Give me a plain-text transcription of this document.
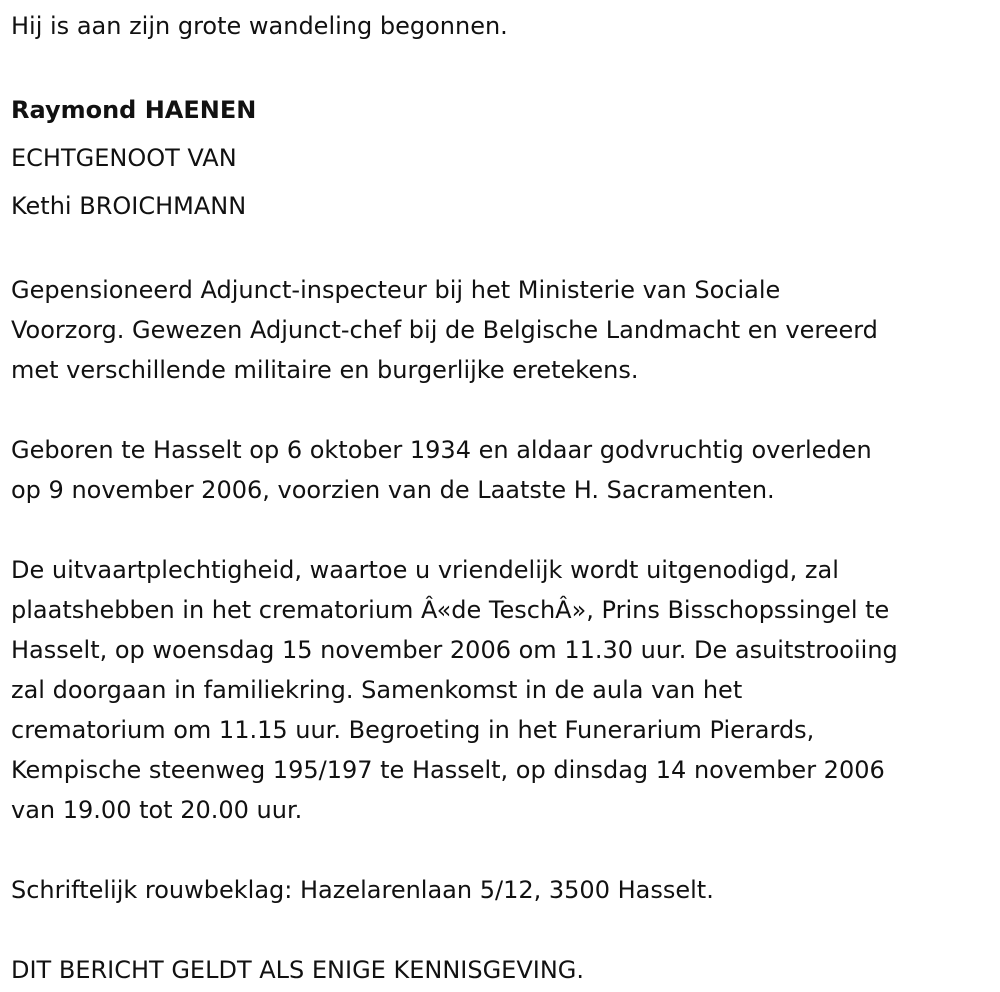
Hij is aan zijn grote wandeling begonnen.

Raymond HAENEN
ECHTGENOOT VAN
Kethi BROICHMANN

Gepensioneerd Adjunct-inspecteur bij het Ministerie van Sociale
Voorzorg. Gewezen Adjunct-chef bij de Belgische Landmacht en vereerd
met verschillende militaire en burgerlijke eretekens.

Geboren te Hasselt op 6 oktober 1934 en aldaar godvruchtig overleden
op 9 november 2006, voorzien van de Laatste H. Sacramenten.

De uitvaartplechtigheid, waartoe u vriendelijk wordt uitgenodigd, zal
plaatshebben in het crematorium Â«de TeschÂ», Prins Bisschopssingel te
Hasselt, op woensdag 15 november 2006 om 11.30 uur. De asuitstrooiing
zal doorgaan in familiekring. Samenkomst in de aula van het
crematorium om 11.15 uur. Begroeting in het Funerarium Pierards,
Kempische steenweg 195/197 te Hasselt, op dinsdag 14 november 2006
van 19.00 tot 20.00 uur.

Schriftelijk rouwbeklag: Hazelarenlaan 5/12, 3500 Hasselt.

DIT BERICHT GELDT ALS ENIGE KENNISGEVING.
